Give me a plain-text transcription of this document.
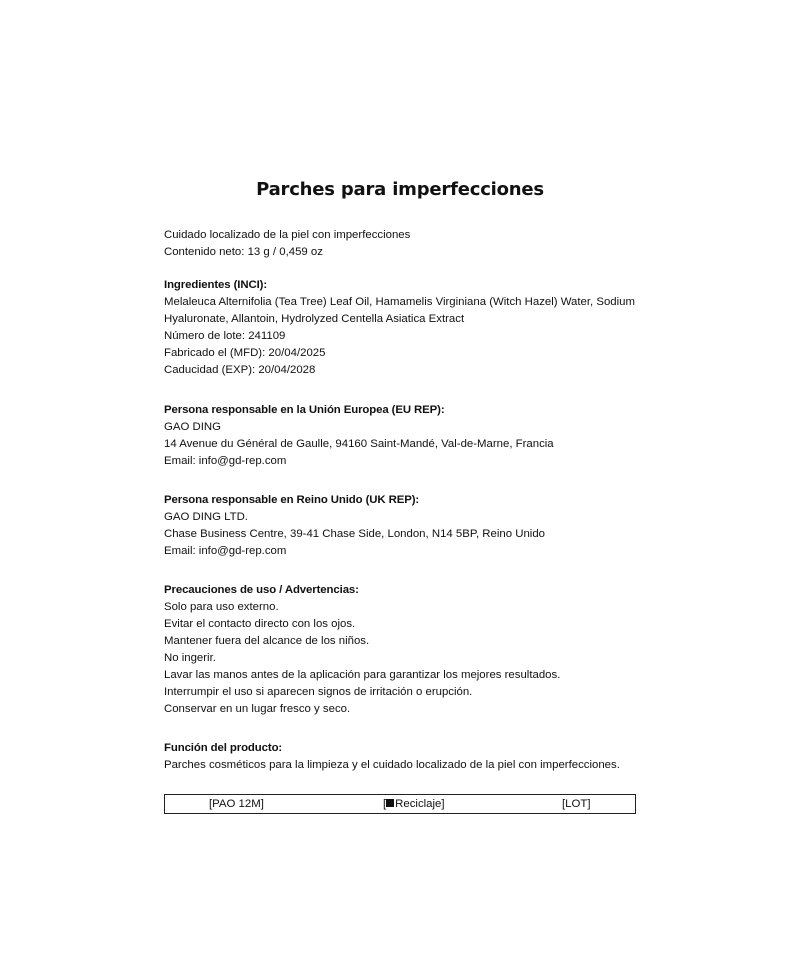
Parches para imperfecciones

Cuidado localizado de la piel con imperfecciones

Contenido neto: 13 g / 0,459 oz

Ingredientes (INCI):

Melaleuca Alternifolia (Tea Tree) Leaf Oil, Hamamelis Virginiana (Witch Hazel) Water, Sodium

Hyaluronate, Allantoin, Hydrolyzed Centella Asiatica Extract

Número de lote: 241109

Fabricado el (MFD): 20/04/2025

Caducidad (EXP): 20/04/2028

Persona responsable en la Unión Europea (EU REP):

GAO DING

14 Avenue du Général de Gaulle, 94160 Saint-Mandé, Val-de-Marne, Francia

Email: info@gd-rep.com

Persona responsable en Reino Unido (UK REP):

GAO DING LTD.

Chase Business Centre, 39-41 Chase Side, London, N14 5BP, Reino Unido

Email: info@gd-rep.com

Precauciones de uso / Advertencias:

Solo para uso externo.

Evitar el contacto directo con los ojos.

Mantener fuera del alcance de los niños.

No ingerir.

Lavar las manos antes de la aplicación para garantizar los mejores resultados.

Interrumpir el uso si aparecen signos de irritación o erupción.

Conservar en un lugar fresco y seco.

Función del producto:

Parches cosméticos para la limpieza y el cuidado localizado de la piel con imperfecciones.

[PAO 12M]	[ Reciclaje]	[LOT]
